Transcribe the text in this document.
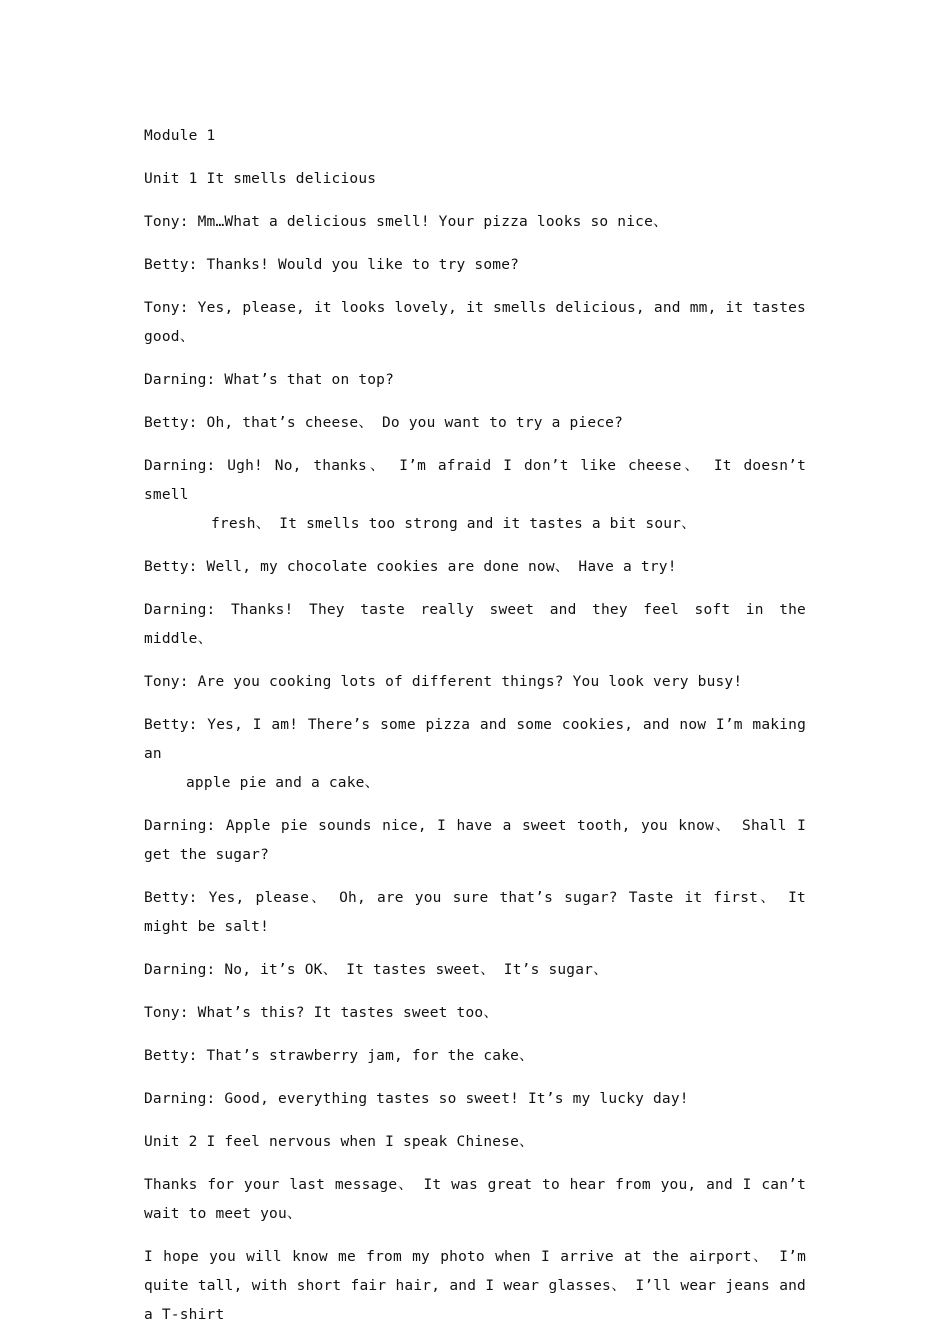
Module 1

Unit 1 It smells delicious

Tony: Mm…What a delicious smell! Your pizza looks so nice、

Betty: Thanks! Would you like to try some?

Tony: Yes, please, it looks lovely, it smells delicious, and mm, it tastes good、

Darning: What’s that on top?

Betty: Oh, that’s cheese、 Do you want to try a piece?

Darning: Ugh! No, thanks、 I’m afraid I don’t like cheese、 It doesn’t smell
fresh、 It smells too strong and it tastes a bit sour、

Betty: Well, my chocolate cookies are done now、 Have a try!

Darning: Thanks! They taste really sweet and they feel soft in the middle、

Tony: Are you cooking lots of different things? You look very busy!

Betty: Yes, I am! There’s some pizza and some cookies, and now I’m making an
apple pie and a cake、

Darning: Apple pie sounds nice, I have a sweet tooth, you know、 Shall I get the sugar?

Betty: Yes, please、 Oh, are you sure that’s sugar? Taste it first、 It might be salt!

Darning: No, it’s OK、 It tastes sweet、 It’s sugar、

Tony: What’s this? It tastes sweet too、

Betty: That’s strawberry jam, for the cake、

Darning: Good, everything tastes so sweet! It’s my lucky day!

Unit 2 I feel nervous when I speak Chinese、

Thanks for your last message、 It was great to hear from you, and I can’t wait to meet you、

I hope you will know me from my photo when I arrive at the airport、 I’m quite tall, with short fair hair, and I wear glasses、 I’ll wear jeans and a T-shirt
